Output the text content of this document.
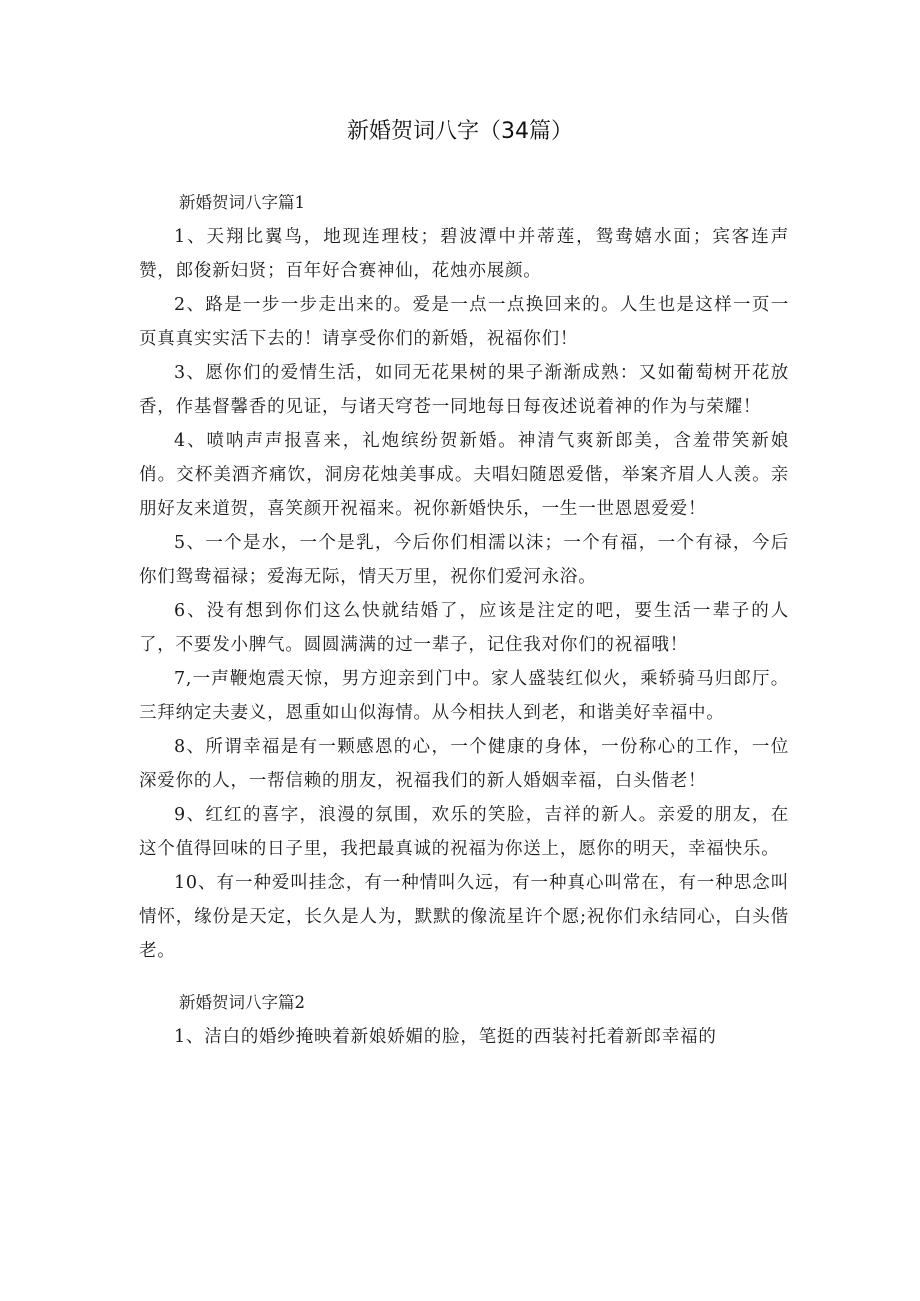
新婚贺词八字（34篇）

新婚贺词八字篇1

1、天翔比翼鸟，地现连理枝；碧波潭中并蒂莲，鸳鸯嬉水面；宾客连声赞，郎俊新妇贤；百年好合赛神仙，花烛亦展颜。

2、路是一步一步走出来的。爱是一点一点换回来的。人生也是这样一页一页真真实实活下去的！请享受你们的新婚，祝福你们！

3、愿你们的爱情生活，如同无花果树的果子渐渐成熟：又如葡萄树开花放香，作基督馨香的见证，与诸天穹苍一同地每日每夜述说着神的作为与荣耀！

4、喷呐声声报喜来，礼炮缤纷贺新婚。神清气爽新郎美，含羞带笑新娘俏。交杯美酒齐痛饮，洞房花烛美事成。夫唱妇随恩爱偕，举案齐眉人人羡。亲朋好友来道贺，喜笑颜开祝福来。祝你新婚快乐，一生一世恩恩爱爱！

5、一个是水，一个是乳，今后你们相濡以沫；一个有福，一个有禄，今后你们鸳鸯福禄；爱海无际，情天万里，祝你们爱河永浴。

6、没有想到你们这么快就结婚了，应该是注定的吧，要生活一辈子的人了，不要发小脾气。圆圆满满的过一辈子，记住我对你们的祝福哦！

7,一声鞭炮震天惊，男方迎亲到门中。家人盛装红似火，乘轿骑马归郎厅。三拜纳定夫妻义，恩重如山似海情。从今相扶人到老，和谐美好幸福中。

8、所谓幸福是有一颗感恩的心，一个健康的身体，一份称心的工作，一位深爱你的人，一帮信赖的朋友，祝福我们的新人婚姻幸福，白头偕老！

9、红红的喜字，浪漫的氛围，欢乐的笑脸，吉祥的新人。亲爱的朋友，在这个值得回味的日子里，我把最真诚的祝福为你送上，愿你的明天，幸福快乐。

10、有一种爱叫挂念，有一种情叫久远，有一种真心叫常在，有一种思念叫情怀，缘份是天定，长久是人为，默默的像流星许个愿;祝你们永结同心，白头偕老。

新婚贺词八字篇2

1、洁白的婚纱掩映着新娘娇媚的脸，笔挺的西装衬托着新郎幸福的
